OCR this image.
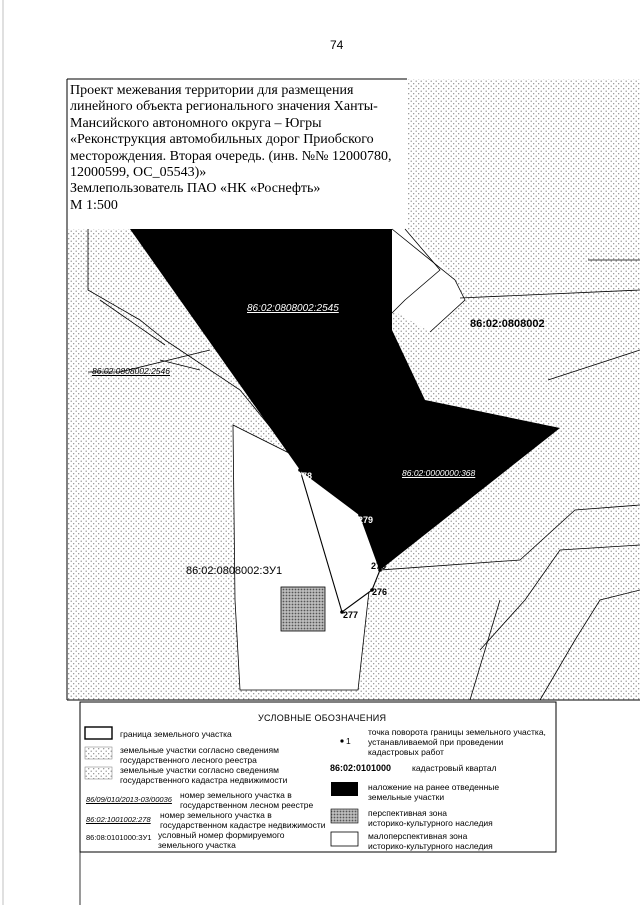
74
Проект межевания территории для размещения
линейного объекта регионального значения Ханты-
Мансийского автономного округа – Югры
«Реконструкция автомобильных дорог Приобского
месторождения. Вторая очередь. (инв. №№ 12000780,
12000599, ОС_05543)»
Землепользователь ПАО «НК «Роснефть»
М 1:500
86:02:0808002:2545
86:02:0808002:2546
86:02:0808002
86:02:0000000:368
86:02:0808002:ЗУ1
278
279
275
276
277
УСЛОВНЫЕ ОБОЗНАЧЕНИЯ
граница земельного участка
земельные участки согласно сведениям
государственного лесного реестра
земельные участки согласно сведениям
государственного кадастра недвижимости
86/09/010/2013-03/00036 номер земельного участка в
государственном лесном реестре
86:02:1001002:278 номер земельного участка в
государственном кадастре недвижимости
86:08:0101000:ЗУ1 условный номер формируемого
земельного участка
1
точка поворота границы земельного участка,
устанавливаемой при проведении
кадастровых работ
86:02:0101000 кадастровый квартал
наложение на ранее отведенные
земельные участки
перспективная зона
историко-культурного наследия
малоперспективная зона
историко-культурного наследия
